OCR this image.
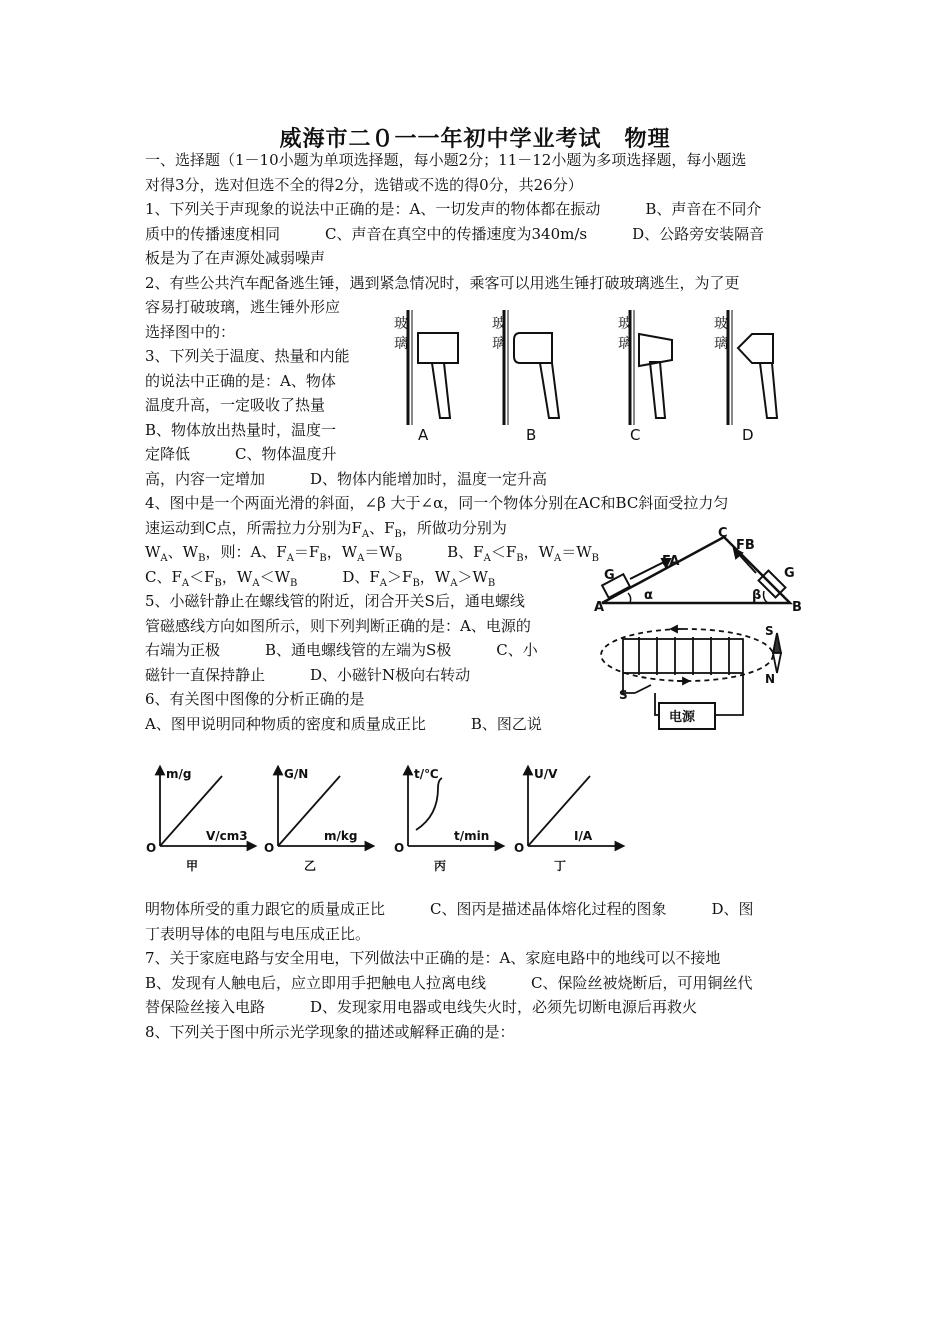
威海市二０一一年初中学业考试　物理
一、选择题（1－10小题为单项选择题，每小题2分；11－12小题为多项选择题，每小题选
对得3分，选对但选不全的得2分，选错或不选的得0分，共26分）
1、下列关于声现象的说法中正确的是：A、一切发声的物体都在振动　　　B、声音在不同介
质中的传播速度相同　　　C、声音在真空中的传播速度为340m/s　　　D、公路旁安装隔音
板是为了在声源处减弱噪声
2、有些公共汽车配备逃生锤，遇到紧急情况时，乘客可以用逃生锤打破玻璃逃生，为了更
容易打破玻璃，逃生锤外形应
选择图中的：
3、下列关于温度、热量和内能
的说法中正确的是：A、物体
温度升高，一定吸收了热量
B、物体放出热量时，温度一
定降低　　　C、物体温度升
高，内容一定增加　　　D、物体内能增加时，温度一定升高
4、图中是一个两面光滑的斜面，∠β 大于∠α，同一个物体分别在AC和BC斜面受拉力匀
速运动到C点，所需拉力分别为$F_A$、$F_B$，所做功分别为
$W_A$、$W_B$，则：A、$F_A=F_B$，$W_A=W_B$　　　B、$F_A<F_B$，$W_A=W_B$
C、$F_A<F_B$，$W_A<W_B$　　　D、$F_A>F_B$，$W_A>W_B$
5、小磁针静止在螺线管的附近，闭合开关S后，通电螺线
管磁感线方向如图所示，则下列判断正确的是：A、电源的
右端为正极　　　B、通电螺线管的左端为S极　　　C、小
磁针一直保持静止　　　D、小磁针N极向右转动
6、有关图中图像的分析正确的是
A、图甲说明同种物质的密度和质量成正比　　　B、图乙说
明物体所受的重力跟它的质量成正比　　　C、图丙是描述晶体熔化过程的图象　　　D、图
丁表明导体的电阻与电压成正比。
7、关于家庭电路与安全用电，下列做法中正确的是：A、家庭电路中的地线可以不接地
B、发现有人触电后，应立即用手把触电人拉离电线　　　C、保险丝被烧断后，可用铜丝代
替保险丝接入电路　　　D、发现家用电器或电线失火时，必须先切断电源后再救火
8、下列关于图中所示光学现象的描述或解释正确的是：
玻
璃
玻
璃
玻
璃
玻
璃
A	B	C	D
A	B
C
G	G
FA
FB
α	β
电源
S
S
N
m/g
V/cm3
甲
O
G/N
m/kg
乙
O
t/℃
t/min
丙
O
U/V
I/A
丁
O
